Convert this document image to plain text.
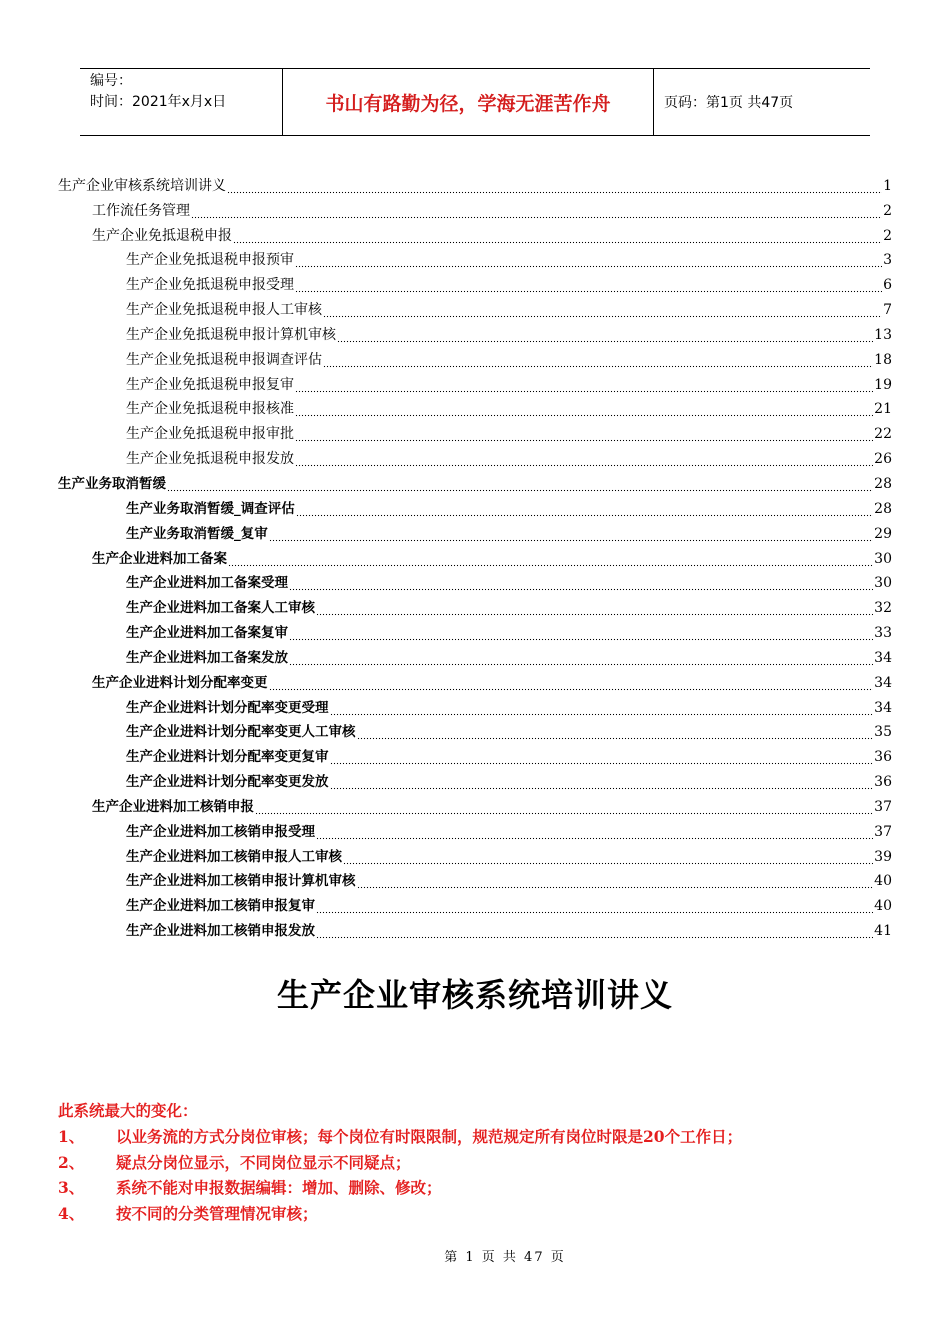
编号：
时间：2021年x月x日	书山有路勤为径，学海无涯苦作舟	页码：第1页 共47页
生产企业审核系统培训讲义	1
工作流任务管理	2
生产企业免抵退税申报	2
生产企业免抵退税申报预审	3
生产企业免抵退税申报受理	6
生产企业免抵退税申报人工审核	7
生产企业免抵退税申报计算机审核	13
生产企业免抵退税申报调查评估	18
生产企业免抵退税申报复审	19
生产企业免抵退税申报核准	21
生产企业免抵退税申报审批	22
生产企业免抵退税申报发放	26
生产业务取消暂缓	28
生产业务取消暂缓_调查评估	28
生产业务取消暂缓_复审	29
生产企业进料加工备案	30
生产企业进料加工备案受理	30
生产企业进料加工备案人工审核	32
生产企业进料加工备案复审	33
生产企业进料加工备案发放	34
生产企业进料计划分配率变更	34
生产企业进料计划分配率变更受理	34
生产企业进料计划分配率变更人工审核	35
生产企业进料计划分配率变更复审	36
生产企业进料计划分配率变更发放	36
生产企业进料加工核销申报	37
生产企业进料加工核销申报受理	37
生产企业进料加工核销申报人工审核	39
生产企业进料加工核销申报计算机审核	40
生产企业进料加工核销申报复审	40
生产企业进料加工核销申报发放	41
生产企业审核系统培训讲义
此系统最大的变化：
1、	以业务流的方式分岗位审核；每个岗位有时限限制，规范规定所有岗位时限是20个工作日；
2、	疑点分岗位显示，不同岗位显示不同疑点；
3、	系统不能对申报数据编辑：增加、删除、修改；
4、	按不同的分类管理情况审核；
第 1 页 共 47 页
